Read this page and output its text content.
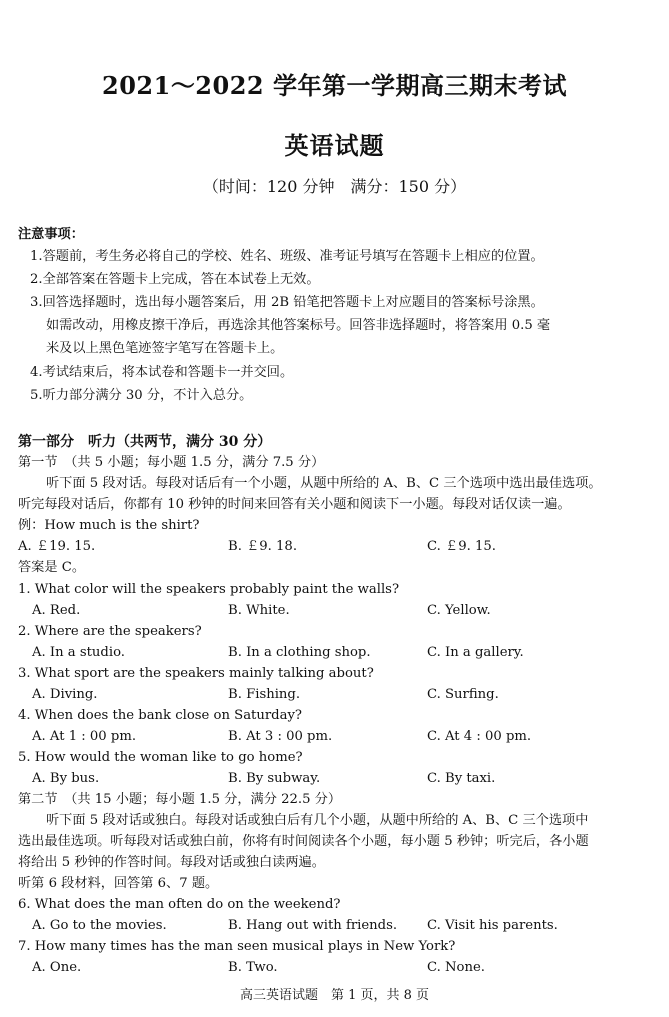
2021～2022 学年第一学期高三期末考试
英语试题
（时间：120 分钟　满分：150 分）
注意事项：
1.答题前，考生务必将自己的学校、姓名、班级、准考证号填写在答题卡上相应的位置。
2.全部答案在答题卡上完成，答在本试卷上无效。
3.回答选择题时，选出每小题答案后，用 2B 铅笔把答题卡上对应题目的答案标号涂黑。
如需改动，用橡皮擦干净后，再选涂其他答案标号。回答非选择题时，将答案用 0.5 毫
米及以上黑色笔迹签字笔写在答题卡上。
4.考试结束后，将本试卷和答题卡一并交回。
5.听力部分满分 30 分，不计入总分。
第一部分　听力（共两节，满分 30 分）
第一节　（共 5 小题；每小题 1.5 分，满分 7.5 分）
听下面 5 段对话。每段对话后有一个小题，从题中所给的 A、B、C 三个选项中选出最佳选项。
听完每段对话后，你都有 10 秒钟的时间来回答有关小题和阅读下一小题。每段对话仅读一遍。
例：How much is the shirt?
A. ￡19. 15.	B. ￡9. 18.	C. ￡9. 15.
答案是 C。
1. What color will the speakers probably paint the walls?
A. Red.	B. White.	C. Yellow.
2. Where are the speakers?
A. In a studio.	B. In a clothing shop.	C. In a gallery.
3. What sport are the speakers mainly talking about?
A. Diving.	B. Fishing.	C. Surfing.
4. When does the bank close on Saturday?
A. At 1 : 00 pm.	B. At 3 : 00 pm.	C. At 4 : 00 pm.
5. How would the woman like to go home?
A. By bus.	B. By subway.	C. By taxi.
第二节　（共 15 小题；每小题 1.5 分，满分 22.5 分）
听下面 5 段对话或独白。每段对话或独白后有几个小题，从题中所给的 A、B、C 三个选项中
选出最佳选项。听每段对话或独白前，你将有时间阅读各个小题，每小题 5 秒钟；听完后，各小题
将给出 5 秒钟的作答时间。每段对话或独白读两遍。
听第 6 段材料，回答第 6、7 题。
6. What does the man often do on the weekend?
A. Go to the movies.	B. Hang out with friends. C. Visit his parents.
7. How many times has the man seen musical plays in New York?
A. One.	B. Two.	C. None.
高三英语试题　第 1 页，共 8 页
